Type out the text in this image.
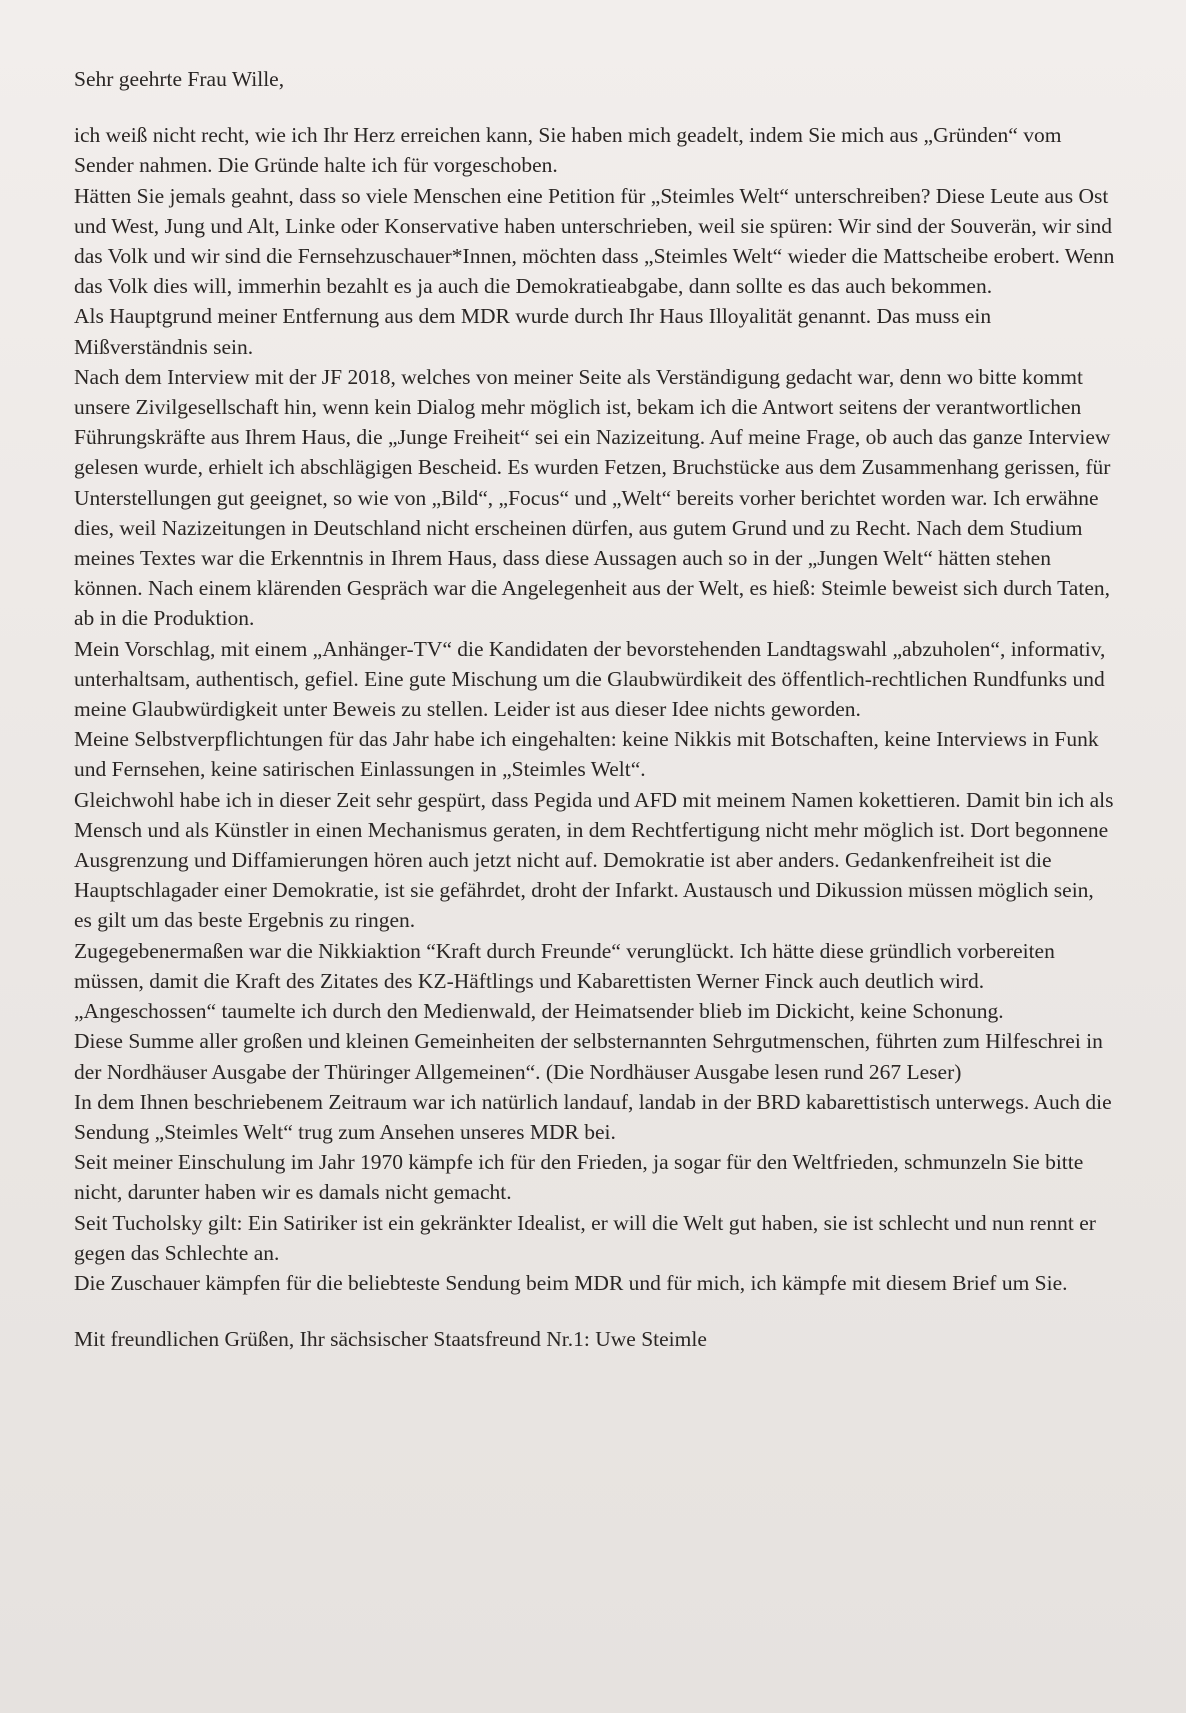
Sehr geehrte Frau Wille,

ich weiß nicht recht, wie ich Ihr Herz erreichen kann, Sie haben mich geadelt, indem Sie mich aus „Gründen“ vom Sender nahmen. Die Gründe halte ich für vorgeschoben.

Hätten Sie jemals geahnt, dass so viele Menschen eine Petition für „Steimles Welt“ unterschreiben? Diese Leute aus Ost und West, Jung und Alt, Linke oder Konservative haben unterschrieben, weil sie spüren: Wir sind der Souverän, wir sind das Volk und wir sind die Fernsehzuschauer*Innen, möchten dass „Steimles Welt“ wieder die Mattscheibe erobert. Wenn das Volk dies will, immerhin bezahlt es ja auch die Demokratieabgabe, dann sollte es das auch bekommen.

Als Hauptgrund meiner Entfernung aus dem MDR wurde durch Ihr Haus Illoyalität genannt. Das muss ein Mißverständnis sein.

Nach dem Interview mit der JF 2018, welches von meiner Seite als Verständigung gedacht war, denn wo bitte kommt unsere Zivilgesellschaft hin, wenn kein Dialog mehr möglich ist, bekam ich die Antwort seitens der verantwortlichen Führungskräfte aus Ihrem Haus, die „Junge Freiheit“ sei ein Nazizeitung. Auf meine Frage, ob auch das ganze Interview gelesen wurde, erhielt ich abschlägigen Bescheid. Es wurden Fetzen, Bruchstücke aus dem Zusammenhang gerissen, für Unterstellungen gut geeignet, so wie von „Bild“, „Focus“ und „Welt“ bereits vorher berichtet worden war. Ich erwähne dies, weil Nazizeitungen in Deutschland nicht erscheinen dürfen, aus gutem Grund und zu Recht. Nach dem Studium meines Textes war die Erkenntnis in Ihrem Haus, dass diese Aussagen auch so in der „Jungen Welt“ hätten stehen können. Nach einem klärenden Gespräch war die Angelegenheit aus der Welt, es hieß: Steimle beweist sich durch Taten, ab in die Produktion.

Mein Vorschlag, mit einem „Anhänger-TV“ die Kandidaten der bevorstehenden Landtagswahl „abzuholen“, informativ, unterhaltsam, authentisch, gefiel. Eine gute Mischung um die Glaubwürdikeit des öffentlich-rechtlichen Rundfunks und meine Glaubwürdigkeit unter Beweis zu stellen. Leider ist aus dieser Idee nichts geworden.

Meine Selbstverpflichtungen für das Jahr habe ich eingehalten: keine Nikkis mit Botschaften, keine Interviews in Funk und Fernsehen, keine satirischen Einlassungen in „Steimles Welt“.

Gleichwohl habe ich in dieser Zeit sehr gespürt, dass Pegida und AFD mit meinem Namen kokettieren. Damit bin ich als Mensch und als Künstler in einen Mechanismus geraten, in dem Rechtfertigung nicht mehr möglich ist. Dort begonnene Ausgrenzung und Diffamierungen hören auch jetzt nicht auf. Demokratie ist aber anders. Gedankenfreiheit ist die Hauptschlagader einer Demokratie, ist sie gefährdet, droht der Infarkt. Austausch und Dikussion müssen möglich sein, es gilt um das beste Ergebnis zu ringen.

Zugegebenermaßen war die Nikkiaktion “Kraft durch Freunde“ verunglückt. Ich hätte diese gründlich vorbereiten müssen, damit die Kraft des Zitates des KZ-Häftlings und Kabarettisten Werner Finck auch deutlich wird.

„Angeschossen“ taumelte ich durch den Medienwald, der Heimatsender blieb im Dickicht, keine Schonung.

Diese Summe aller großen und kleinen Gemeinheiten der selbsternannten Sehrgutmenschen, führten zum Hilfeschrei in der Nordhäuser Ausgabe der Thüringer Allgemeinen“. (Die Nordhäuser Ausgabe lesen rund 267 Leser)

In dem Ihnen beschriebenem Zeitraum war ich natürlich landauf, landab in der BRD kabarettistisch unterwegs. Auch die Sendung „Steimles Welt“ trug zum Ansehen unseres MDR bei.

Seit meiner Einschulung im Jahr 1970 kämpfe ich für den Frieden, ja sogar für den Weltfrieden, schmunzeln Sie bitte nicht, darunter haben wir es damals nicht gemacht.

Seit Tucholsky gilt: Ein Satiriker ist ein gekränkter Idealist, er will die Welt gut haben, sie ist schlecht und nun rennt er gegen das Schlechte an.

Die Zuschauer kämpfen für die beliebteste Sendung beim MDR und für mich, ich kämpfe mit diesem Brief um Sie.

Mit freundlichen Grüßen, Ihr sächsischer Staatsfreund Nr.1: Uwe Steimle
